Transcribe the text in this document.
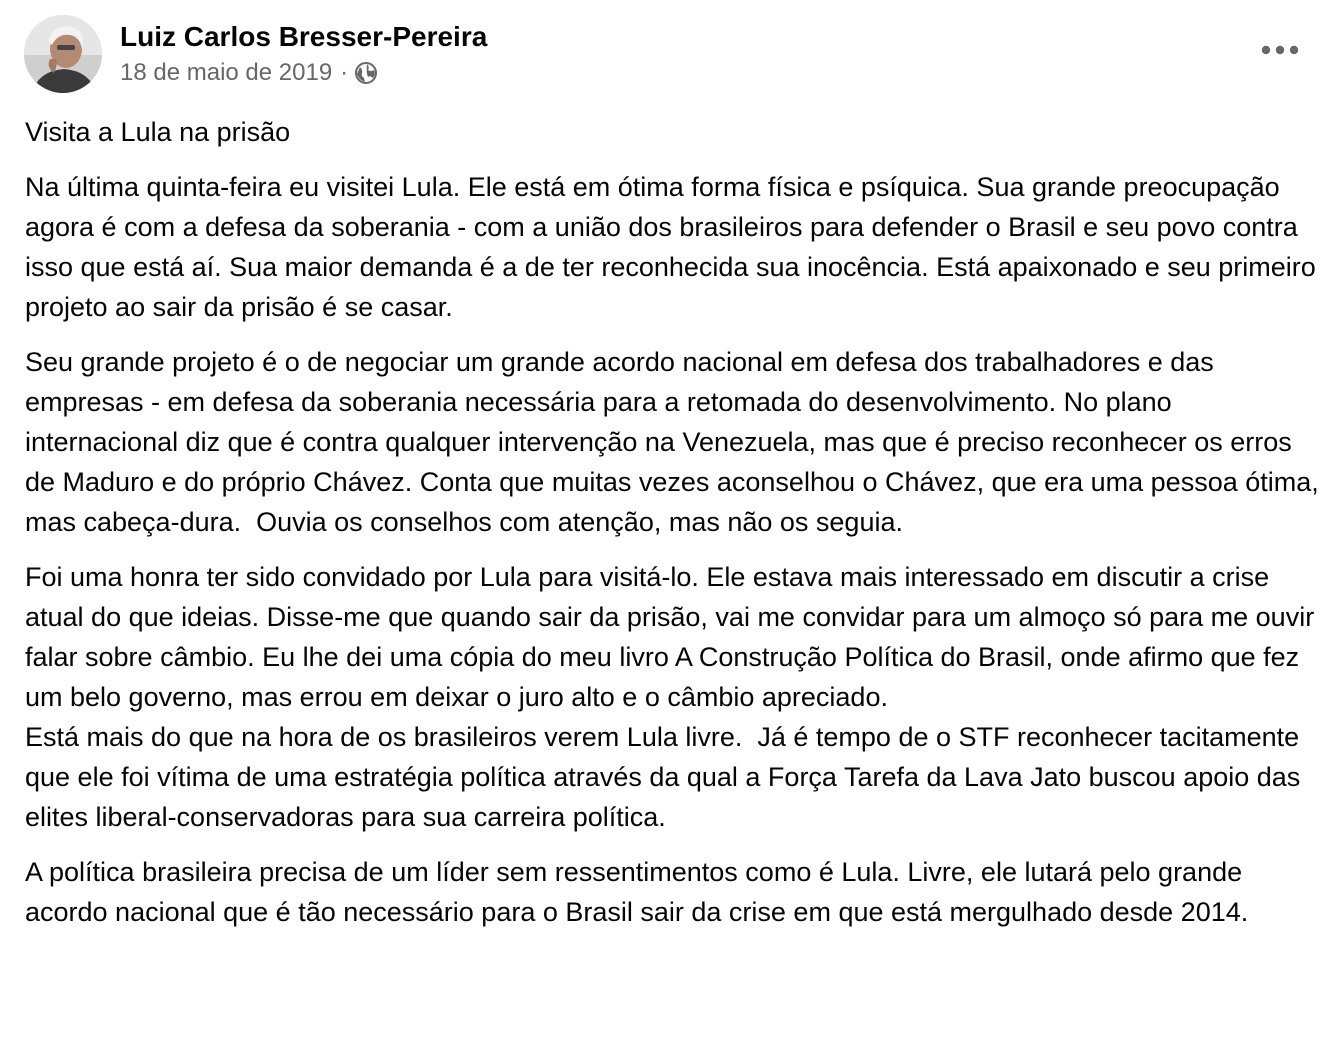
Luiz Carlos Bresser-Pereira
18 de maio de 2019 ·

Visita a Lula na prisão

Na última quinta-feira eu visitei Lula. Ele está em ótima forma física e psíquica. Sua grande preocupação agora é com a defesa da soberania - com a união dos brasileiros para defender o Brasil e seu povo contra isso que está aí. Sua maior demanda é a de ter reconhecida sua inocência. Está apaixonado e seu primeiro projeto ao sair da prisão é se casar.

Seu grande projeto é o de negociar um grande acordo nacional em defesa dos trabalhadores e das empresas - em defesa da soberania necessária para a retomada do desenvolvimento. No plano internacional diz que é contra qualquer intervenção na Venezuela, mas que é preciso reconhecer os erros de Maduro e do próprio Chávez. Conta que muitas vezes aconselhou o Chávez, que era uma pessoa ótima, mas cabeça-dura.  Ouvia os conselhos com atenção, mas não os seguia.

Foi uma honra ter sido convidado por Lula para visitá-lo. Ele estava mais interessado em discutir a crise atual do que ideias. Disse-me que quando sair da prisão, vai me convidar para um almoço só para me ouvir falar sobre câmbio. Eu lhe dei uma cópia do meu livro A Construção Política do Brasil, onde afirmo que fez um belo governo, mas errou em deixar o juro alto e o câmbio apreciado.
Está mais do que na hora de os brasileiros verem Lula livre.  Já é tempo de o STF reconhecer tacitamente que ele foi vítima de uma estratégia política através da qual a Força Tarefa da Lava Jato buscou apoio das elites liberal-conservadoras para sua carreira política.

A política brasileira precisa de um líder sem ressentimentos como é Lula. Livre, ele lutará pelo grande acordo nacional que é tão necessário para o Brasil sair da crise em que está mergulhado desde 2014.
